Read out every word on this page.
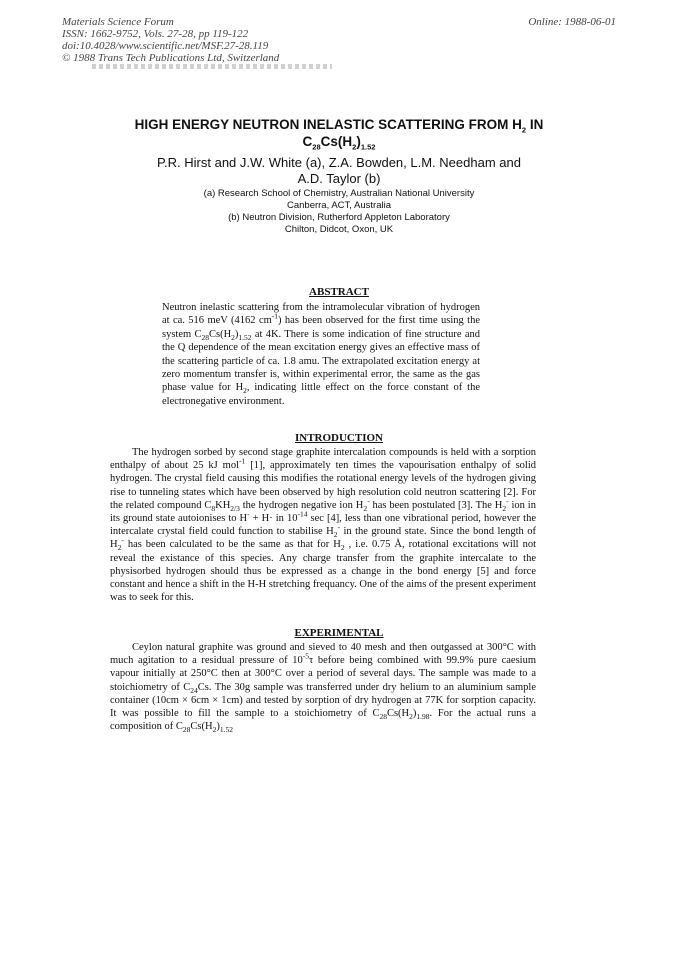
Materials Science Forum
ISSN: 1662-9752, Vols. 27-28, pp 119-122
doi:10.4028/www.scientific.net/MSF.27-28.119
© 1988 Trans Tech Publications Ltd, Switzerland
Online: 1988-06-01
HIGH ENERGY NEUTRON INELASTIC SCATTERING FROM $H_2$ IN
$C_{28}Cs(H_2)_{1.52}$
P.R. Hirst and J.W. White (a), Z.A. Bowden, L.M. Needham and
A.D. Taylor (b)
(a) Research School of Chemistry, Australian National University
Canberra, ACT, Australia
(b) Neutron Division, Rutherford Appleton Laboratory
Chilton, Didcot, Oxon, UK
ABSTRACT
Neutron inelastic scattering from the intramolecular vibration of hydrogen at ca. 516 meV (4162 $cm^{-1}$) has been observed for the first time using the system $C_{28}Cs(H_2)_{1.52}$ at 4K. There is some indication of fine structure and the Q dependence of the mean excitation energy gives an effective mass of the scattering particle of ca. 1.8 amu. The extrapolated excitation energy at zero momentum transfer is, within experimental error, the same as the gas phase value for $H_2$, indicating little effect on the force constant of the electronegative environment.
INTRODUCTION

The hydrogen sorbed by second stage graphite intercalation compounds is held with a sorption enthalpy of about 25 kJ mol$^{-1}$ [1], approximately ten times the vapourisation enthalpy of solid hydrogen. The crystal field causing this modifies the rotational energy levels of the hydrogen giving rise to tunneling states which have been observed by high resolution cold neutron scattering [2]. For the related compound $C_8KH_{2/3}$ the hydrogen negative ion $H_2^-$ has been postulated [3]. The $H_2^-$ ion in its ground state autoionises to H- + H· in $10^{-14}$ sec [4], less than one vibrational period, however the intercalate crystal field could function to stabilise $H_2^-$ in the ground state. Since the bond length of $H_2^-$ has been calculated to be the same as that for $H_2$ , i.e. 0.75 Å, rotational excitations will not reveal the existance of this species. Any charge transfer from the graphite intercalate to the physisorbed hydrogen should thus be expressed as a change in the bond energy [5] and force constant and hence a shift in the H-H stretching frequancy. One of the aims of the present experiment was to seek for this.

EXPERIMENTAL

Ceylon natural graphite was ground and sieved to 40 mesh and then outgassed at 300°C with much agitation to a residual pressure of $10^{-5}\tau$ before being combined with 99.9% pure caesium vapour initially at 250°C then at 300°C over a period of several days. The sample was made to a stoichiometry of $C_{24}Cs$. The 30g sample was transferred under dry helium to an aluminium sample container (10cm × 6cm × 1cm) and tested by sorption of dry hydrogen at 77K for sorption capacity. It was possible to fill the sample to a stoichiometry of $C_{28}Cs(H_2)_{1.98}$. For the actual runs a composition of $C_{28}Cs(H_2)_{1.52}$
